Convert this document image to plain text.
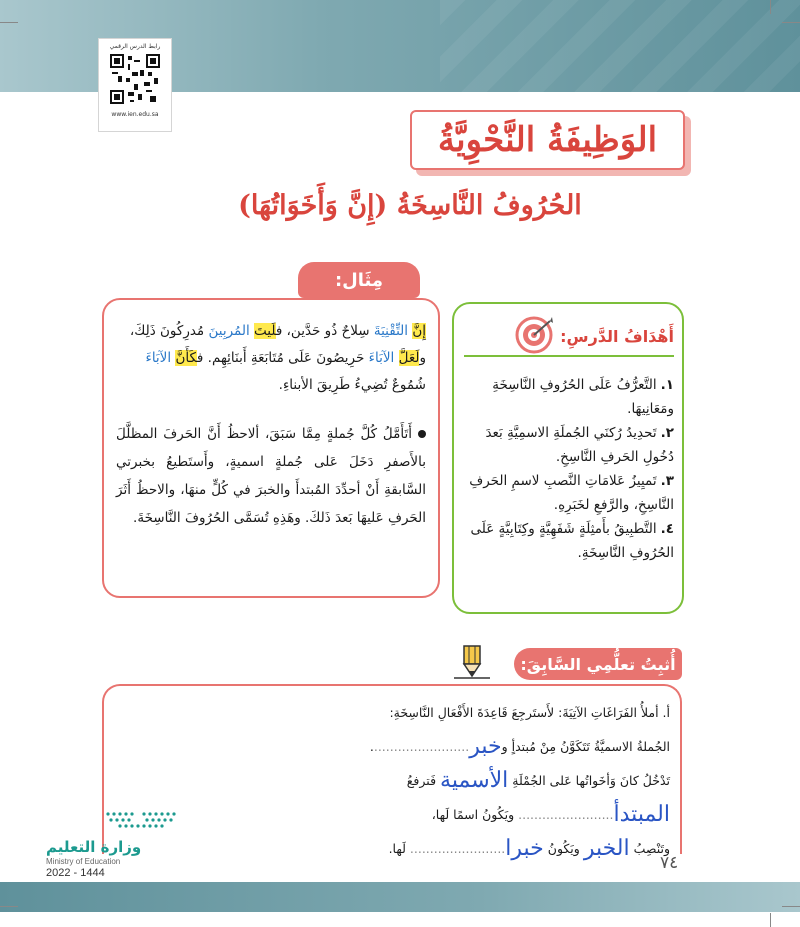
رابط الدرس الرقمي
www.ien.edu.sa
الوَظِيفَةُ النَّحْوِيَّةُ
الحُرُوفُ النَّاسِخَةُ (إِنَّ وَأَخَوَاتُهَا)
مِثَال:
إِنَّ التِّقْنِيَةَ سِلاحٌ ذُو حَدَّين، فلَيتَ المُربِينَ مُدرِكُونَ ذَلِكَ،
ولَعَلَّ الآبَاءَ حَرِيصُونَ عَلَى مُتَابَعَةِ أَبنَائِهِم. فكَأَنَّ الآبَاءَ
شُمُوعٌ تُضِيءُ طَرِيقَ الأبناءِ.
أَتَأَمَّلُ كُلَّ جُملةٍ مِمَّا سَبَقَ، ألاحظُ أَنَّ الحَرفَ المظلَّلَ بالأَصفرِ دَخَلَ عَلى جُملةٍ اسميةٍ، وأَستَطيعُ بخبرتي السَّابقةِ أَنْ أحدِّدَ المُبتدأَ والخبرَ في كُلٍّ منهَا، والاحظُ أَثَرَ الحَرفِ عَليهَا بَعدَ ذَلكَ. وهَذِهِ تُسَمَّى الحُرُوفَ النَّاسِخَةَ.
أَهْدَافُ الدَّرسِ:
١.التَّعرُّفُ عَلَى الحُرُوفِ النَّاسِخَةِ ومَعَانِيهَا.
٢.تَحدِيدُ رُكنَي الجُملَةِ الاسمِيَّةِ بَعدَ دُخُولِ الحَرفِ النَّاسِخِ.
٣.تَميِيزُ عَلامَاتِ النَّصبِ لاسمِ الحَرفِ النَّاسِخِ، والرَّفعِ لخَبَرِهِ.
٤.التَّطبِيقُ بأَمثِلَةٍ شَفَهِيَّةٍ وكِتَابِيَّةٍ عَلَى الحُرُوفِ النَّاسِخَةِ.
أُثبِتُ تعلُّمِي السَّابِقَ:
أ. أملأُ الفَرَاغَاتِ الآتِيَةَ: لأَستَرجِعَ قَاعِدَةَ الأَفْعَالِ النَّاسِخَةِ:
الجُملةُ الاسميَّةُ تَتَكَوَّنُ مِنْ مُبتدأٍ وخبر.........................
تَدْخُلُ كانَ وَأخَواتُها عَلى الجُمْلَةِ الأسمية فَترفعُ المبتدأ........................ ويَكُونُ اسمًا لَها،
وتَنْصِبُ الخبر ويَكُونُ خبرا........................ لَها.
وزارة التعليم
Ministry of Education
2022 - 1444	٧٤
